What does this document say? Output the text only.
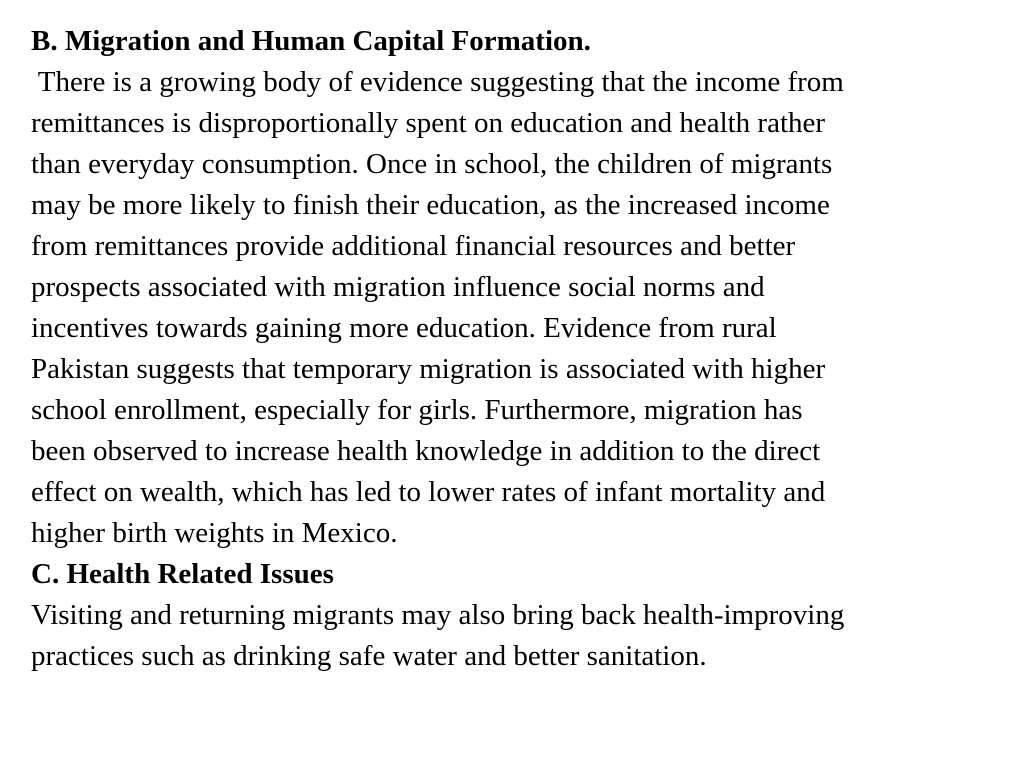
B. Migration and Human Capital Formation.

There is a growing body of evidence suggesting that the income from
remittances is disproportionally spent on education and health rather
than everyday consumption. Once in school, the children of migrants
may be more likely to finish their education, as the increased income
from remittances provide additional financial resources and better
prospects associated with migration influence social norms and
incentives towards gaining more education. Evidence from rural
Pakistan suggests that temporary migration is associated with higher
school enrollment, especially for girls. Furthermore, migration has
been observed to increase health knowledge in addition to the direct
effect on wealth, which has led to lower rates of infant mortality and
higher birth weights in Mexico.

C. Health Related Issues

Visiting and returning migrants may also bring back health-improving
practices such as drinking safe water and better sanitation.
